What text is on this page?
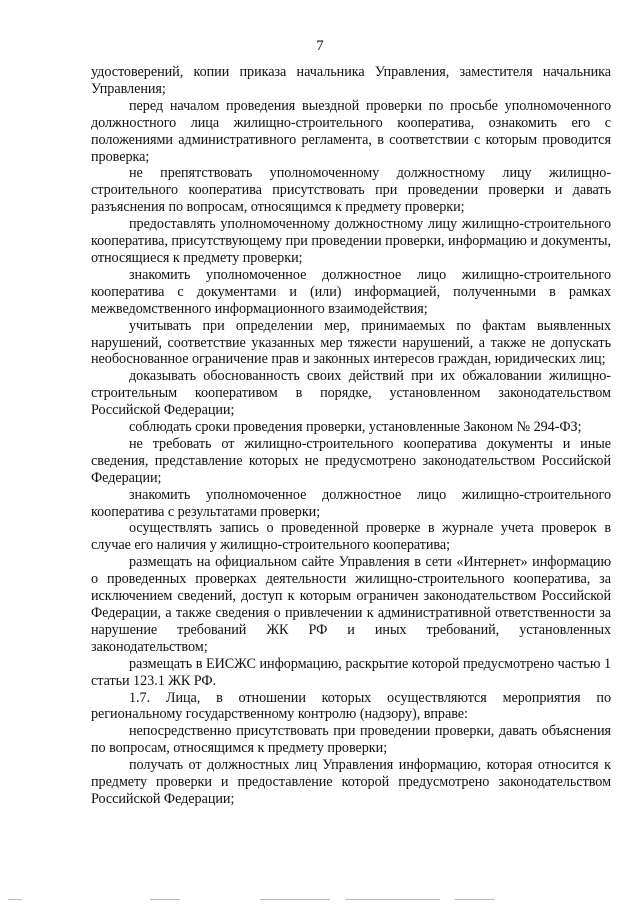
7

удостоверений, копии приказа начальника Управления, заместителя начальника Управления;

перед началом проведения выездной проверки по просьбе уполномоченного должностного лица жилищно-строительного кооператива, ознакомить его с положениями административного регламента, в соответствии с которым проводится проверка;

не препятствовать уполномоченному должностному лицу жилищно-строительного кооператива присутствовать при проведении проверки и давать разъяснения по вопросам, относящимся к предмету проверки;

предоставлять уполномоченному должностному лицу жилищно-строительного кооператива, присутствующему при проведении проверки, информацию и документы, относящиеся к предмету проверки;

знакомить уполномоченное должностное лицо жилищно-строительного кооператива с документами и (или) информацией, полученными в рамках межведомственного информационного взаимодействия;

учитывать при определении мер, принимаемых по фактам выявленных нарушений, соответствие указанных мер тяжести нарушений, а также не допускать необоснованное ограничение прав и законных интересов граждан, юридических лиц;

доказывать обоснованность своих действий при их обжаловании жилищно-строительным кооперативом в порядке, установленном законодательством Российской Федерации;

соблюдать сроки проведения проверки, установленные Законом № 294-ФЗ;

не требовать от жилищно-строительного кооператива документы и иные сведения, представление которых не предусмотрено законодательством Российской Федерации;

знакомить уполномоченное должностное лицо жилищно-строительного кооператива с результатами проверки;

осуществлять запись о проведенной проверке в журнале учета проверок в случае его наличия у жилищно-строительного кооператива;

размещать на официальном сайте Управления в сети «Интернет» информацию о проведенных проверках деятельности жилищно-строительного кооператива, за исключением сведений, доступ к которым ограничен законодательством Российской Федерации, а также сведения о привлечении к административной ответственности за нарушение требований ЖК РФ и иных требований, установленных законодательством;

размещать в ЕИСЖС информацию, раскрытие которой предусмотрено частью 1 статьи 123.1 ЖК РФ.

1.7. Лица, в отношении которых осуществляются мероприятия по региональному государственному контролю (надзору), вправе:

непосредственно присутствовать при проведении проверки, давать объяснения по вопросам, относящимся к предмету проверки;

получать от должностных лиц Управления информацию, которая относится к предмету проверки и предоставление которой предусмотрено законодательством Российской Федерации;
